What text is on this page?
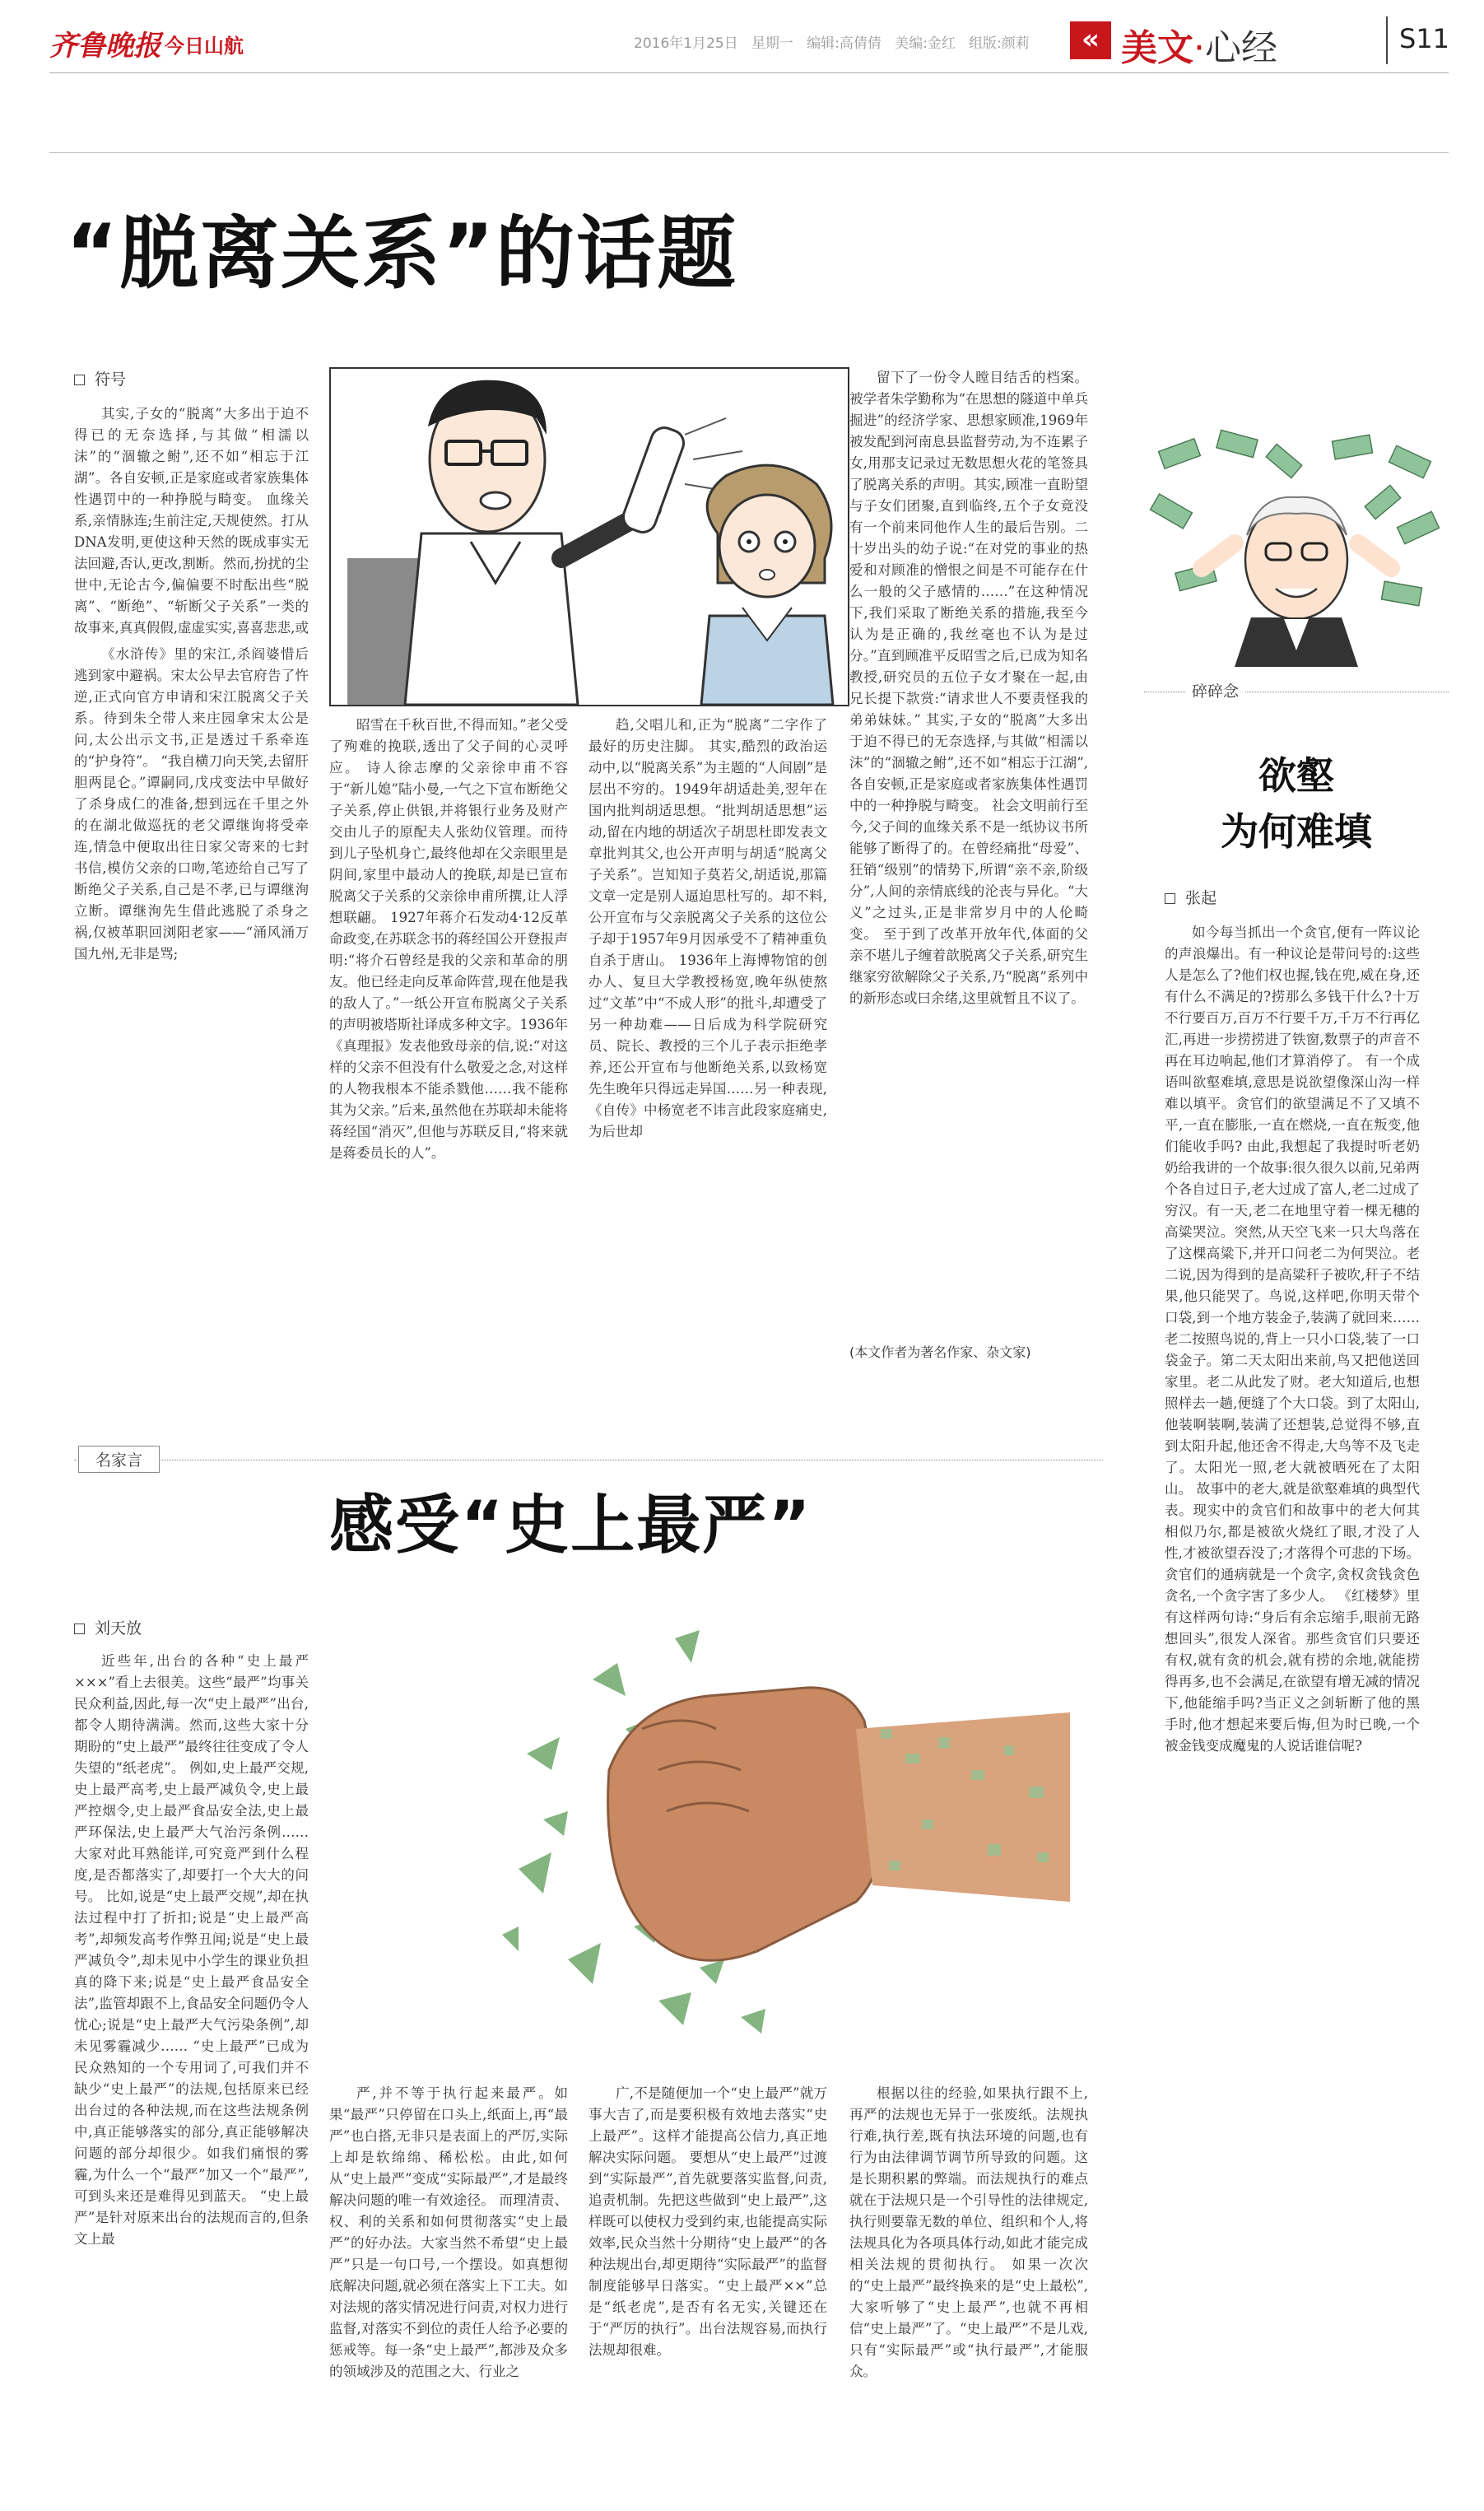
齐鲁晚报 今日山航	2016年1月25日 星期一 编辑:高倩倩 美编:金红 组版:颜莉	« 美文·心经	S11
“脱离关系”的话题
符号
其实,子女的“脱离”大多出于迫不得已的无奈选择,与其做“相濡以沫”的“涸辙之鲋”,还不如“相忘于江湖”。各自安顿,正是家庭或者家族集体性遇罚中的一种挣脱与畸变。 血缘关系,亲情脉连;生前注定,天规使然。打从DNA发明,更使这种天然的既成事实无法回避,否认,更改,割断。然而,扮扰的尘世中,无论古今,偏偏要不时酝出些“脱离”、“断绝”、“斩断父子关系”一类的故事来,真真假假,虚虚实实,喜喜悲悲,或
《水浒传》里的宋江,杀阎婆惜后逃到家中避祸。宋太公早去官府告了忤逆,正式向官方申请和宋江脱离父子关系。待到朱仝带人来庄园拿宋太公是问,太公出示文书,正是透过千系牵连的“护身符”。 “我自横刀向天笑,去留肝胆两昆仑。”谭嗣同,戊戌变法中早做好了杀身成仁的准备,想到远在千里之外的在湖北做巡抚的老父谭继询将受牵连,情急中便取出往日家父寄来的七封书信,模仿父亲的口吻,笔迹给自己写了断绝父子关系,自己是不孝,已与谭继洵立断。谭继洵先生借此逃脱了杀身之祸,仅被革职回浏阳老家——“涌风涌万国九州,无非是骂;
昭雪在千秋百世,不得而知。”老父受了殉难的挽联,透出了父子间的心灵呼应。 诗人徐志摩的父亲徐申甫不容于“新儿媳”陆小曼,一气之下宣布断绝父子关系,停止供银,并将银行业务及财产交由儿子的原配夫人张幼仪管理。而待到儿子坠机身亡,最终他却在父亲眼里是阴间,家里中最动人的挽联,却是已宣布脱离父子关系的父亲徐申甫所撰,让人浮想联翩。 1927年蒋介石发动4·12反革命政变,在苏联念书的蒋经国公开登报声明:“将介石曾经是我的父亲和革命的朋友。他已经走向反革命阵营,现在他是我的敌人了。”一纸公开宣布脱离父子关系的声明被塔斯社译成多种文字。1936年《真理报》发表他致母亲的信,说:“对这样的父亲不但没有什么敬爱之念,对这样的人物我根本不能杀戮他……我不能称其为父亲。”后来,虽然他在苏联却未能将蒋经国“消灭”,但他与苏联反目,“将来就是蒋委员长的人”。
趋,父唱儿和,正为“脱离”二字作了最好的历史注脚。 其实,酷烈的政治运动中,以“脱离关系”为主题的“人间剧”是层出不穷的。1949年胡适赴美,翌年在国内批判胡适思想。“批判胡适思想”运动,留在内地的胡适次子胡思杜即发表文章批判其父,也公开声明与胡适“脱离父子关系”。岂知知子莫若父,胡适说,那篇文章一定是别人逼迫思杜写的。却不料,公开宣布与父亲脱离父子关系的这位公子却于1957年9月因承受不了精神重负自杀于唐山。 1936年上海博物馆的创办人、复旦大学教授杨宽,晚年纵使熬过“文革”中“不成人形”的批斗,却遭受了另一种劫难——日后成为科学院研究员、院长、教授的三个儿子表示拒绝孝养,还公开宣布与他断绝关系,以致杨宽先生晚年只得远走异国……另一种表现,《自传》中杨宽老不讳言此段家庭痛史,为后世却
留下了一份令人瞠目结舌的档案。 被学者朱学勤称为“在思想的隧道中单兵掘进”的经济学家、思想家顾准,1969年被发配到河南息县监督劳动,为不连累子女,用那支记录过无数思想火花的笔签具了脱离关系的声明。其实,顾准一直盼望与子女们团聚,直到临终,五个子女竟没有一个前来同他作人生的最后告别。二十岁出头的幼子说:“在对党的事业的热爱和对顾准的憎恨之间是不可能存在什么一般的父子感情的……”在这种情况下,我们采取了断绝关系的措施,我至今认为是正确的,我丝毫也不认为是过分。”直到顾准平反昭雪之后,已成为知名教授,研究员的五位子女才聚在一起,由兄长提下款赏:“请求世人不要责怪我的弟弟妹妹。” 其实,子女的“脱离”大多出于迫不得已的无奈选择,与其做“相濡以沫”的“涸辙之鲋”,还不如“相忘于江湖”,各自安顿,正是家庭或者家族集体性遇罚中的一种挣脱与畸变。 社会文明前行至今,父子间的血缘关系不是一纸协议书所能够了断得了的。在曾经痛批“母爱”、狂销“级别”的情势下,所谓“亲不亲,阶级分”,人间的亲情底线的沦丧与异化。“大义”之过头,正是非常岁月中的人伦畸变。 至于到了改革开放年代,体面的父亲不堪儿子缠着歆脱离父子关系,研究生继家穷欲解除父子关系,乃“脱离”系列中的新形态或曰余绪,这里就暂且不议了。
(本文作者为著名作家、杂文家)
碎碎念
欲壑
为何难填
张起
如今每当抓出一个贪官,便有一阵议论的声浪爆出。有一种议论是带问号的:这些人是怎么了?他们权也握,钱在兜,威在身,还有什么不满足的?捞那么多钱干什么?十万不行要百万,百万不行要千万,千万不行再亿汇,再进一步捞捞进了铁窗,数票子的声音不再在耳边响起,他们才算消停了。 有一个成语叫欲壑难填,意思是说欲望像深山沟一样难以填平。贪官们的欲望满足不了又填不平,一直在膨胀,一直在燃烧,一直在叛变,他们能收手吗? 由此,我想起了我提时听老奶奶给我讲的一个故事:很久很久以前,兄弟两个各自过日子,老大过成了富人,老二过成了穷汉。有一天,老二在地里守着一棵无穗的高粱哭泣。突然,从天空飞来一只大鸟落在了这棵高粱下,并开口问老二为何哭泣。老二说,因为得到的是高粱秆子被吹,秆子不结果,他只能哭了。鸟说,这样吧,你明天带个口袋,到一个地方装金子,装满了就回来……老二按照鸟说的,背上一只小口袋,装了一口袋金子。第二天太阳出来前,鸟又把他送回家里。老二从此发了财。老大知道后,也想照样去一趟,便缝了个大口袋。到了太阳山,他装啊装啊,装满了还想装,总觉得不够,直到太阳升起,他还舍不得走,大鸟等不及飞走了。太阳光一照,老大就被晒死在了太阳山。 故事中的老大,就是欲壑难填的典型代表。现实中的贪官们和故事中的老大何其相似乃尔,都是被欲火烧红了眼,才没了人性,才被欲望吞没了;才落得个可悲的下场。贪官们的通病就是一个贪字,贪权贪钱贪色贪名,一个贪字害了多少人。 《红楼梦》里有这样两句诗:“身后有余忘缩手,眼前无路想回头”,很发人深省。那些贪官们只要还有权,就有贪的机会,就有捞的余地,就能捞得再多,也不会满足,在欲望有增无减的情况下,他能缩手吗?当正义之剑斩断了他的黑手时,他才想起来要后悔,但为时已晚,一个被金钱变成魔鬼的人说话谁信呢?
名家言
感受“史上最严”
刘天放
近些年,出台的各种“史上最严×××”看上去很美。这些“最严”均事关民众利益,因此,每一次“史上最严”出台,都令人期待满满。然而,这些大家十分期盼的“史上最严”最终往往变成了令人失望的“纸老虎”。 例如,史上最严交规,史上最严高考,史上最严减负令,史上最严控烟令,史上最严食品安全法,史上最严环保法,史上最严大气治污条例……大家对此耳熟能详,可究竟严到什么程度,是否都落实了,却要打一个大大的问号。 比如,说是“史上最严交规”,却在执法过程中打了折扣;说是“史上最严高考”,却频发高考作弊丑闻;说是“史上最严减负令”,却未见中小学生的课业负担真的降下来;说是“史上最严食品安全法”,监管却跟不上,食品安全问题仍令人忧心;说是“史上最严大气污染条例”,却未见雾霾减少…… “史上最严”已成为民众熟知的一个专用词了,可我们并不缺少“史上最严”的法规,包括原来已经出台过的各种法规,而在这些法规条例中,真正能够落实的部分,真正能够解决问题的部分却很少。如我们痛恨的雾霾,为什么一个“最严”加又一个“最严”,可到头来还是难得见到蓝天。 “史上最严”是针对原来出台的法规而言的,但条文上最
严,并不等于执行起来最严。如果“最严”只停留在口头上,纸面上,再“最严”也白搭,无非只是表面上的严厉,实际上却是软绵绵、稀松松。由此,如何从“史上最严”变成“实际最严”,才是最终解决问题的唯一有效途径。 而理清责、权、利的关系和如何贯彻落实“史上最严”的好办法。大家当然不希望“史上最严”只是一句口号,一个摆设。如真想彻底解决问题,就必须在落实上下工夫。如对法规的落实情况进行问责,对权力进行监督,对落实不到位的责任人给予必要的惩戒等。每一条“史上最严”,都涉及众多的领域涉及的范围之大、行业之
广,不是随便加一个“史上最严”就万事大吉了,而是要积极有效地去落实“史上最严”。这样才能提高公信力,真正地解决实际问题。 要想从“史上最严”过渡到“实际最严”,首先就要落实监督,问责,追责机制。先把这些做到“史上最严”,这样既可以使权力受到约束,也能提高实际效率,民众当然十分期待“史上最严”的各种法规出台,却更期待“实际最严”的监督制度能够早日落实。“史上最严××”总是“纸老虎”,是否有名无实,关键还在于“严厉的执行”。出台法规容易,而执行法规却很难。
根据以往的经验,如果执行跟不上,再严的法规也无异于一张废纸。法规执行难,执行差,既有执法环境的问题,也有行为由法律调节调节所导致的问题。这是长期积累的弊端。而法规执行的难点就在于法规只是一个引导性的法律规定,执行则要靠无数的单位、组织和个人,将法规具化为各项具体行动,如此才能完成相关法规的贯彻执行。 如果一次次的“史上最严”最终换来的是“史上最松”,大家听够了“史上最严”,也就不再相信“史上最严”了。“史上最严”不是儿戏,只有“实际最严”或“执行最严”,才能服众。
